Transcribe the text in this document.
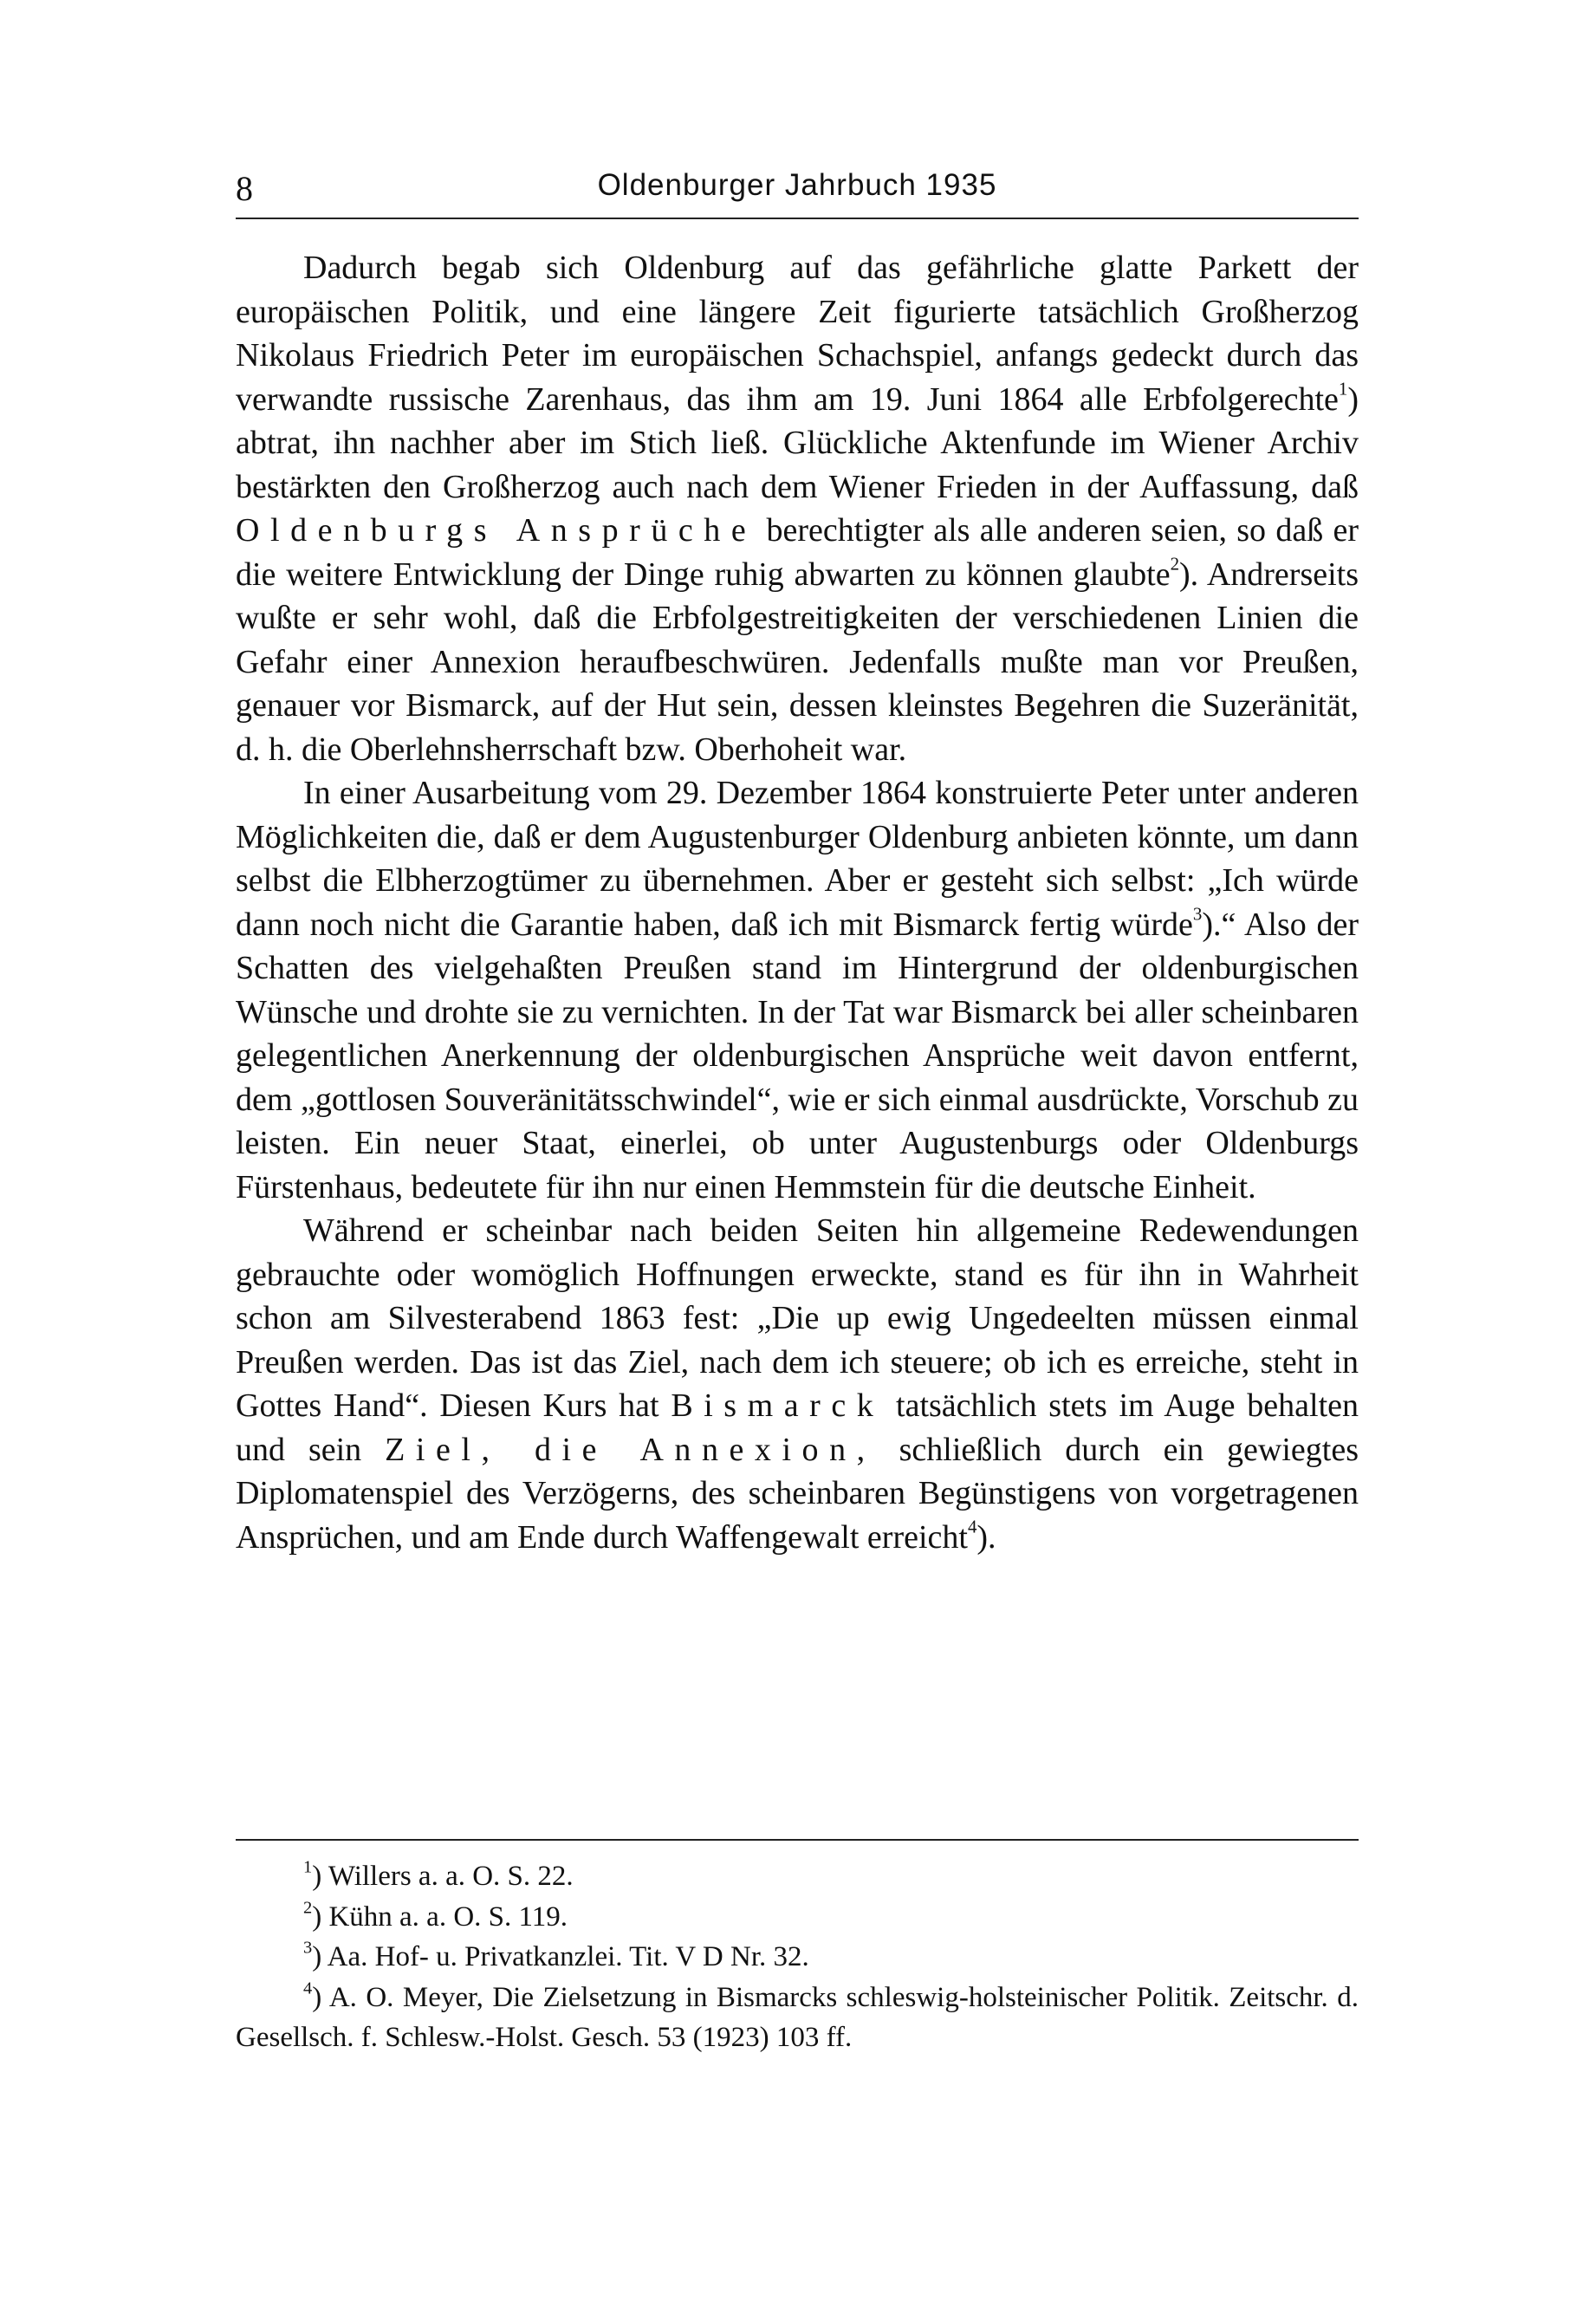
8	Oldenburger Jahrbuch 1935

Dadurch begab sich Oldenburg auf das gefährliche glatte Parkett der europäischen Politik, und eine längere Zeit figurierte tatsächlich Großherzog Nikolaus Friedrich Peter im europäischen Schachspiel, anfangs gedeckt durch das verwandte russische Zarenhaus, das ihm am 19. Juni 1864 alle Erbfolgerechte$^1$) abtrat, ihn nachher aber im Stich ließ. Glückliche Aktenfunde im Wiener Archiv bestärkten den Großherzog auch nach dem Wiener Frieden in der Auffassung, daß Oldenburgs Ansprüche berechtigter als alle anderen seien, so daß er die weitere Entwicklung der Dinge ruhig abwarten zu können glaubte$^2$). Andrerseits wußte er sehr wohl, daß die Erbfolgestreitigkeiten der verschiedenen Linien die Gefahr einer Annexion heraufbeschwüren. Jedenfalls mußte man vor Preußen, genauer vor Bismarck, auf der Hut sein, dessen kleinstes Begehren die Suzeränität, d. h. die Oberlehnsherrschaft bzw. Oberhoheit war.

In einer Ausarbeitung vom 29. Dezember 1864 konstruierte Peter unter anderen Möglichkeiten die, daß er dem Augustenburger Oldenburg anbieten könnte, um dann selbst die Elbherzogtümer zu übernehmen. Aber er gesteht sich selbst: „Ich würde dann noch nicht die Garantie haben, daß ich mit Bismarck fertig würde$^3$).“ Also der Schatten des vielgehaßten Preußen stand im Hintergrund der oldenburgischen Wünsche und drohte sie zu vernichten. In der Tat war Bismarck bei aller scheinbaren gelegentlichen Anerkennung der oldenburgischen Ansprüche weit davon entfernt, dem „gottlosen Souveränitätsschwindel“, wie er sich einmal ausdrückte, Vorschub zu leisten. Ein neuer Staat, einerlei, ob unter Augustenburgs oder Oldenburgs Fürstenhaus, bedeutete für ihn nur einen Hemmstein für die deutsche Einheit.

Während er scheinbar nach beiden Seiten hin allgemeine Redewendungen gebrauchte oder womöglich Hoffnungen erweckte, stand es für ihn in Wahrheit schon am Silvesterabend 1863 fest: „Die up ewig Ungedeelten müssen einmal Preußen werden. Das ist das Ziel, nach dem ich steuere; ob ich es erreiche, steht in Gottes Hand“. Diesen Kurs hat Bismarck tatsächlich stets im Auge behalten und sein Ziel, die Annexion, schließlich durch ein gewiegtes Diplomatenspiel des Verzögerns, des scheinbaren Begünstigens von vorgetragenen Ansprüchen, und am Ende durch Waffengewalt erreicht$^4$).

$^1$) Willers a. a. O. S. 22.

$^2$) Kühn a. a. O. S. 119.

$^3$) Aa. Hof- u. Privatkanzlei. Tit. V D Nr. 32.

$^4$) A. O. Meyer, Die Zielsetzung in Bismarcks schleswig-holsteinischer Politik. Zeitschr. d. Gesellsch. f. Schlesw.-Holst. Gesch. 53 (1923) 103 ff.
